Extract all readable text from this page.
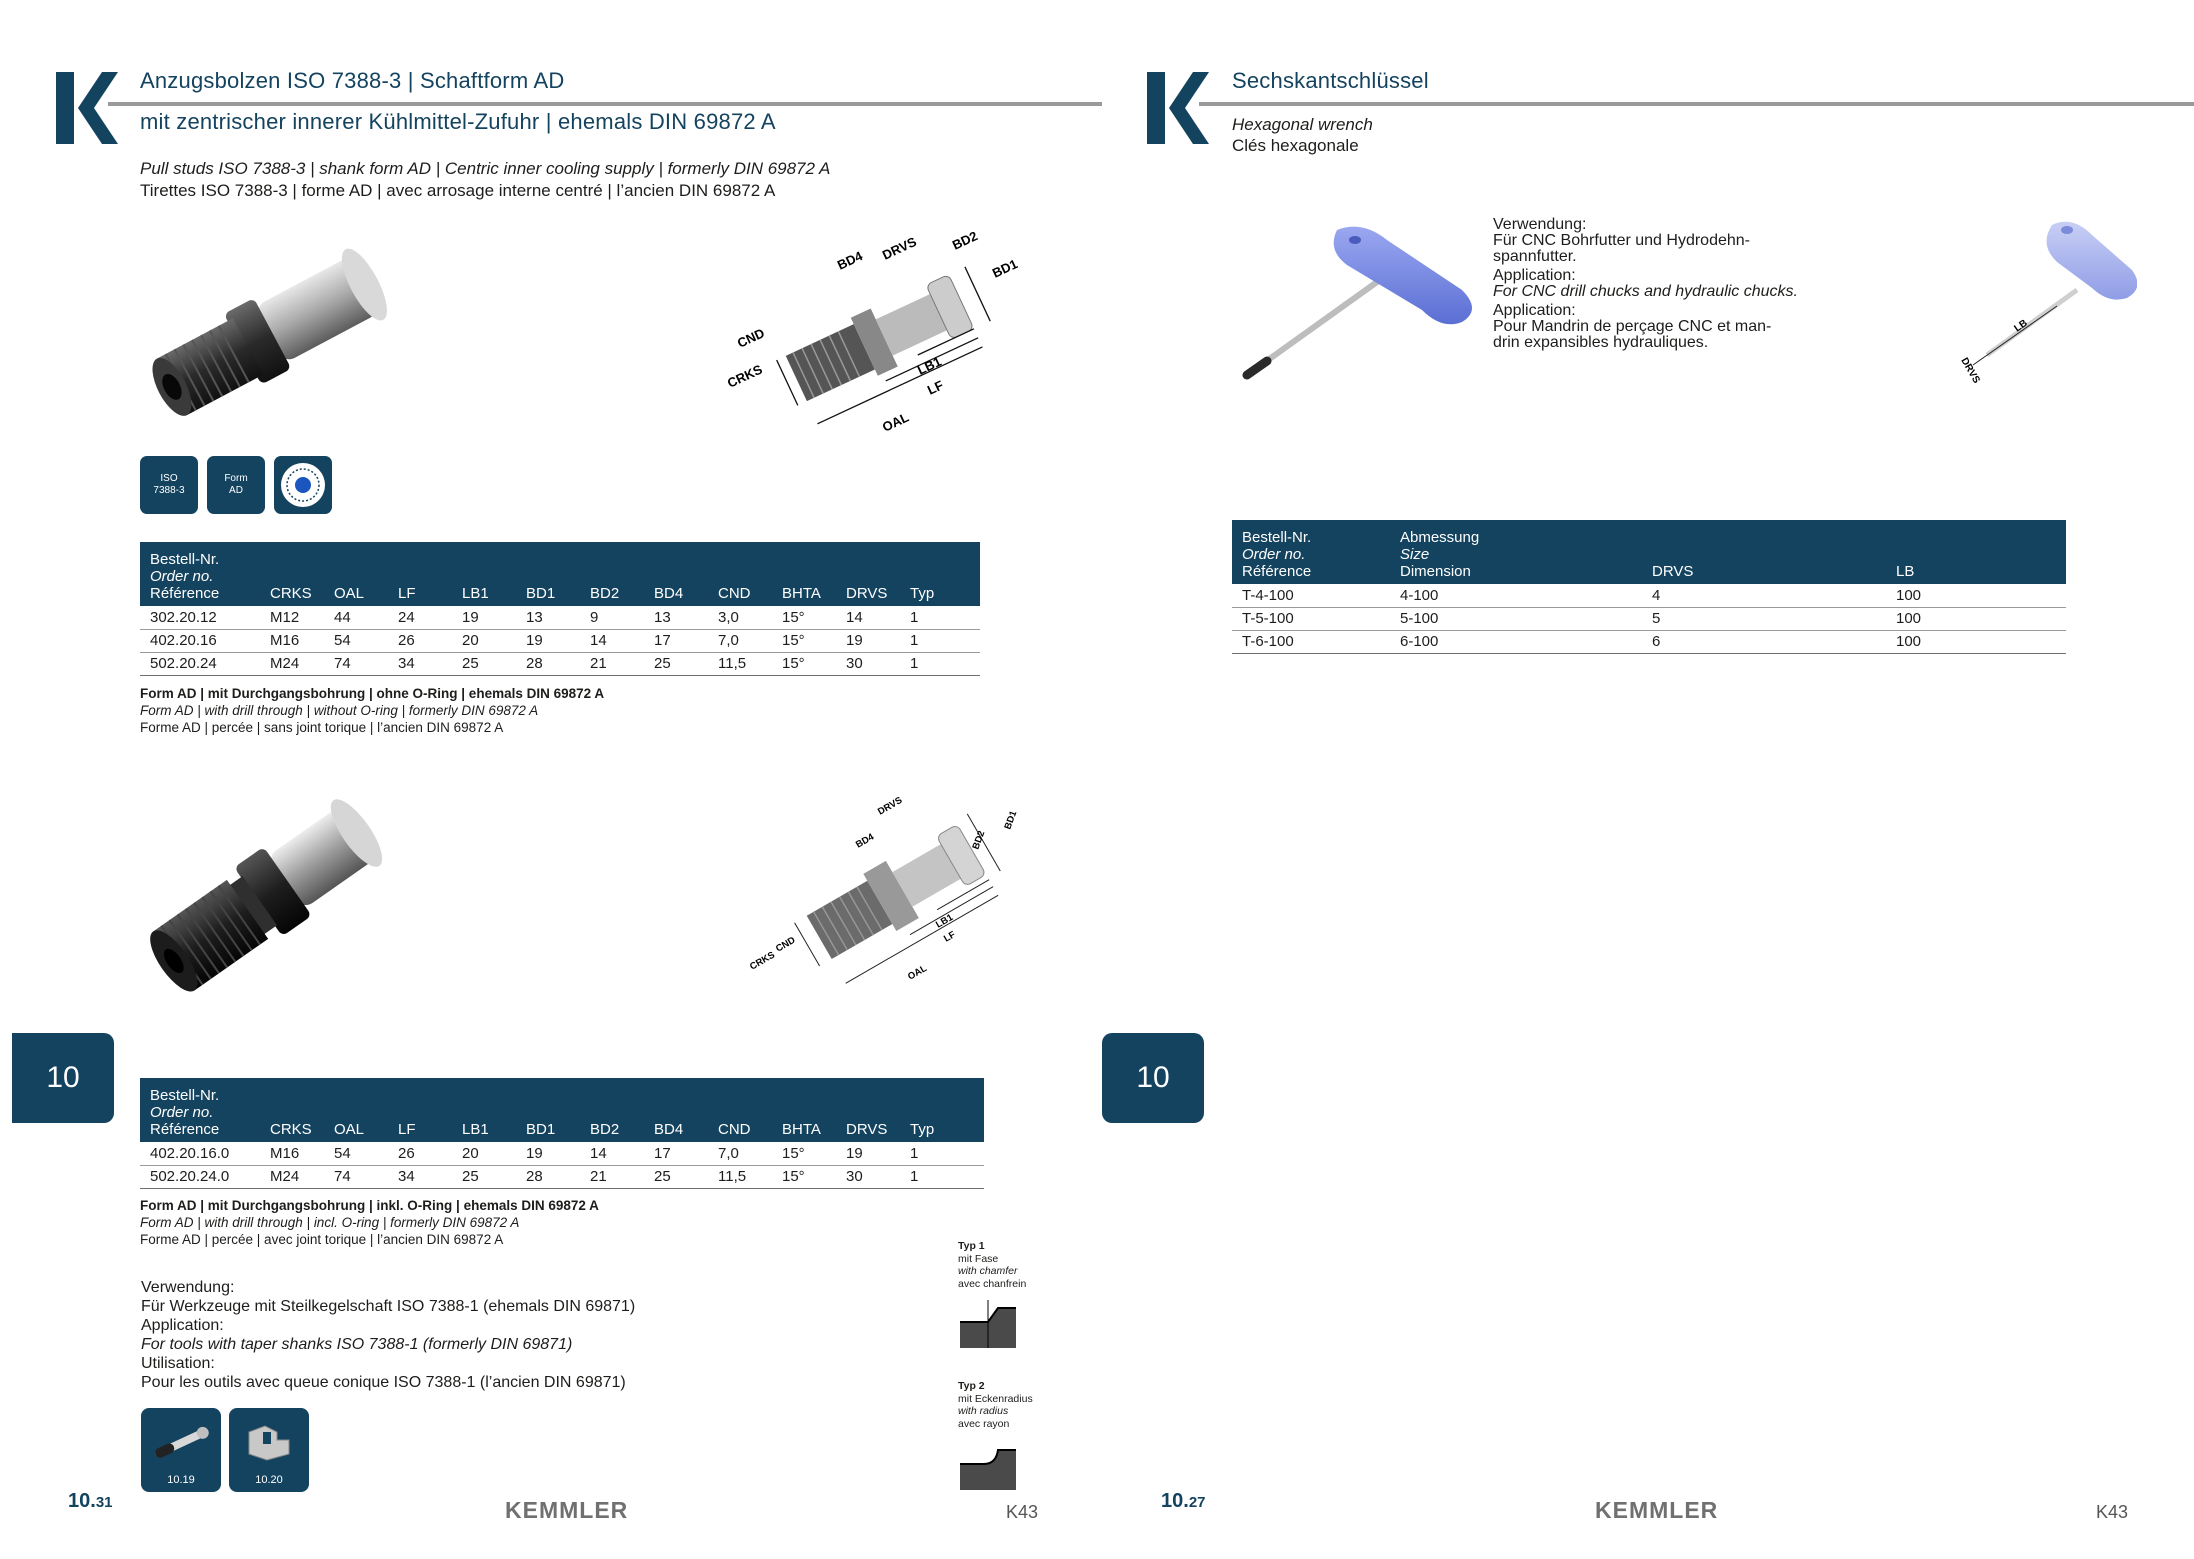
Anzugsbolzen ISO 7388-3 | Schaftform AD
mit zentrischer innerer Kühlmittel-Zufuhr | ehemals DIN 69872 A
Pull studs ISO 7388-3 | shank form AD | Centric inner cooling supply | formerly DIN 69872 A
Tirettes ISO 7388-3 | forme AD | avec arrosage interne centré | l’ancien DIN 69872 A
BD4 DRVS BD2
BD1
CND
CRKS	LB1
LF
OAL
ISO
7388-3
Form
AD
Bestell-Nr.
Order no.
Référence	CRKS	OAL	LF	LB1	BD1	BD2	BD4	CND	BHTA	DRVS	Typ
302.20.12	M12	44	24	19	13	9	13	3,0	15°	14	1
402.20.16	M16	54	26	20	19	14	17	7,0	15°	19	1
502.20.24	M24	74	34	25	28	21	25	11,5	15°	30	1
Form AD | mit Durchgangsbohrung | ohne O-Ring | ehemals DIN 69872 A
Form AD | with drill through | without O-ring | formerly DIN 69872 A
Forme AD | percée | sans joint torique | l’ancien DIN 69872 A
DRVS
BD4	BD2
BD1
CRKS
CND
LB1
LF
OAL
10
Bestell-Nr.
Order no.
Référence	CRKS	OAL	LF	LB1	BD1	BD2	BD4	CND	BHTA	DRVS	Typ
402.20.16.0	M16	54	26	20	19	14	17	7,0	15°	19	1
502.20.24.0	M24	74	34	25	28	21	25	11,5	15°	30	1
Form AD | mit Durchgangsbohrung | inkl. O-Ring | ehemals DIN 69872 A
Form AD | with drill through | incl. O-ring | formerly DIN 69872 A
Forme AD | percée | avec joint torique | l’ancien DIN 69872 A
Verwendung:
Für Werkzeuge mit Steilkegelschaft ISO 7388-1 (ehemals DIN 69871)
Application:
For tools with taper shanks ISO 7388-1 (formerly DIN 69871)
Utilisation:
Pour les outils avec queue conique ISO 7388-1 (l’ancien DIN 69871)
10.19	10.20
Typ 1
mit Fase
with chamfer
avec chanfrein
Typ 2
mit Eckenradius
with radius
avec rayon
10.31	KEMMLER	K43
Sechskantschlüssel
Hexagonal wrench
Clés hexagonale
Verwendung:
Für CNC Bohrfutter und Hydrodehn-
spannfutter.
Application:
For CNC drill chucks and hydraulic chucks.
Application:
Pour Mandrin de perçage CNC et man-
drin expansibles hydrauliques.
LB
DRVS
Bestell-Nr.
Order no.
Référence	Abmessung
Size
Dimension	DRVS	LB
T-4-100	4-100	4	100
T-5-100	5-100	5	100
T-6-100	6-100	6	100
10
10.27	KEMMLER	K43
